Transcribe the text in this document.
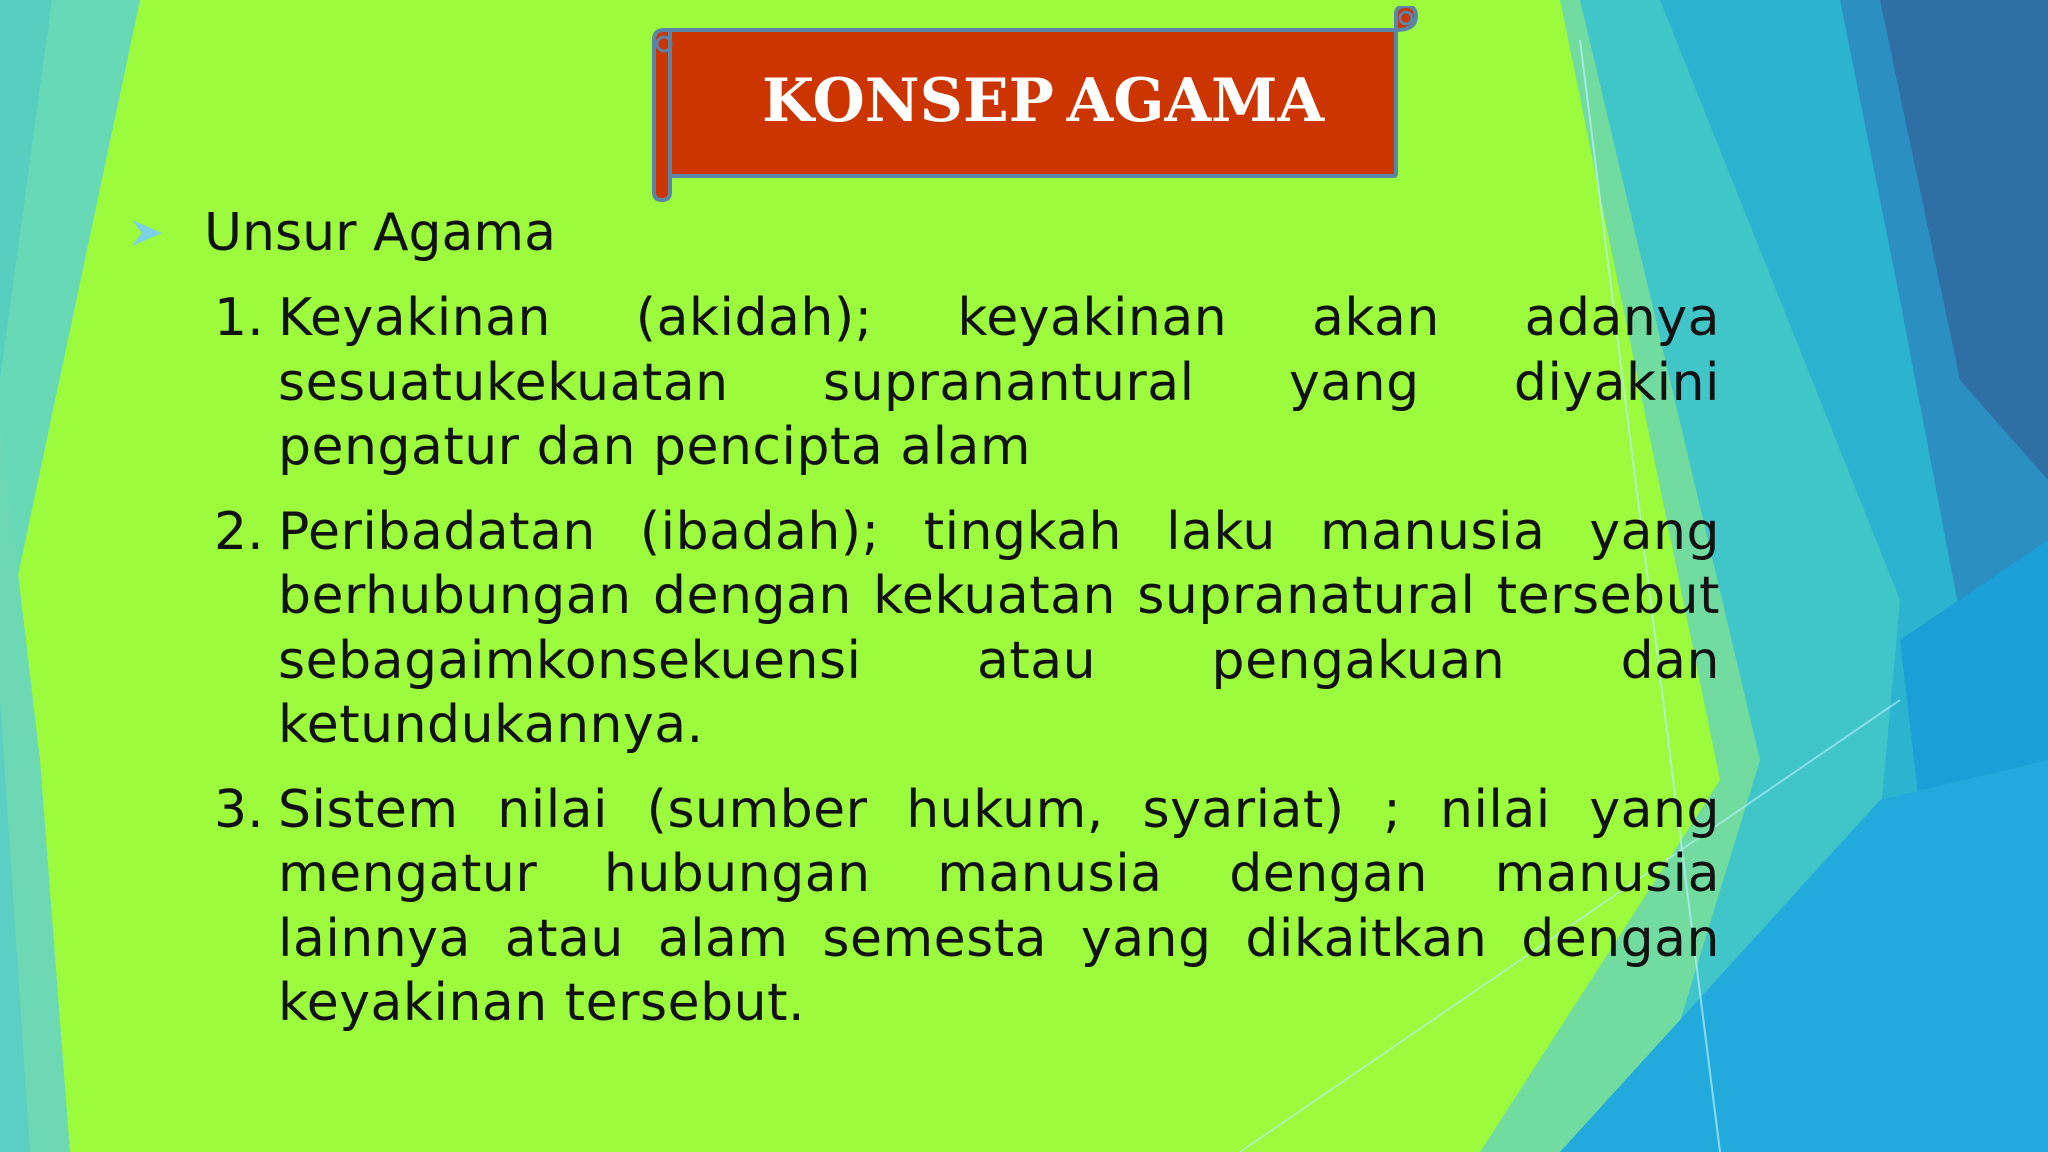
KONSEP AGAMA
Unsur Agama
1. Keyakinan (akidah); keyakinan akan adanya sesuatukekuatan supranantural yang diyakini pengatur dan pencipta alam
2. Peribadatan (ibadah); tingkah laku manusia yang berhubungan dengan kekuatan supranatural tersebut sebagaimkonsekuensi atau pengakuan dan ketundukannya.
3. Sistem nilai (sumber hukum, syariat) ; nilai yang mengatur hubungan manusia dengan manusia lainnya atau alam semesta yang dikaitkan dengan keyakinan tersebut.
